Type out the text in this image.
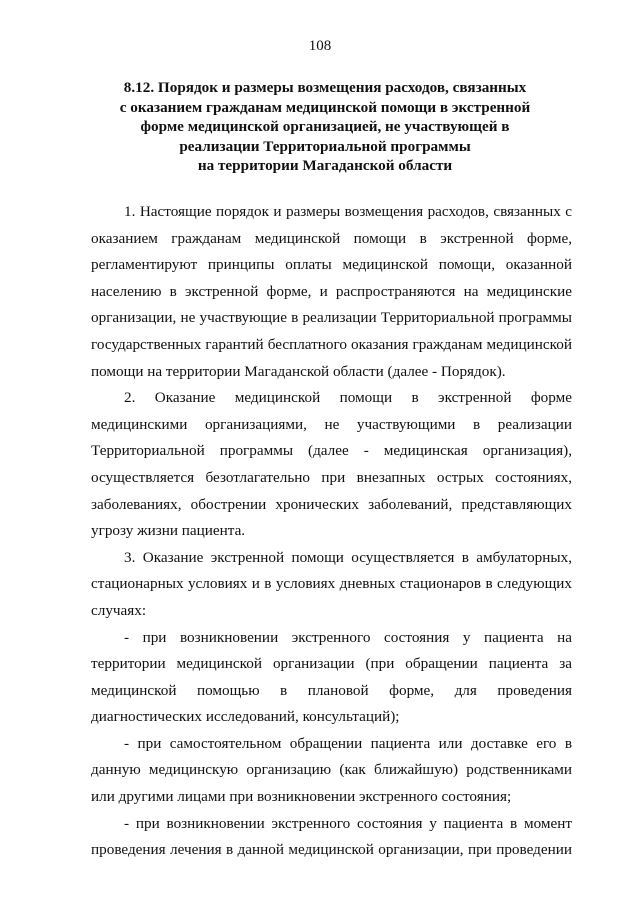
108

8.12. Порядок и размеры возмещения расходов, связанных
с оказанием гражданам медицинской помощи в экстренной
форме медицинской организацией, не участвующей в
реализации Территориальной программы
на территории Магаданской области

1. Настоящие порядок и размеры возмещения расходов, связанных с
оказанием гражданам медицинской помощи в экстренной форме,
регламентируют принципы оплаты медицинской помощи, оказанной
населению в экстренной форме, и распространяются на медицинские
организации, не участвующие в реализации Территориальной программы
государственных гарантий бесплатного оказания гражданам медицинской
помощи на территории Магаданской области (далее - Порядок).

2. Оказание медицинской помощи в экстренной форме
медицинскими организациями, не участвующими в реализации
Территориальной программы (далее - медицинская организация),
осуществляется безотлагательно при внезапных острых состояниях,
заболеваниях, обострении хронических заболеваний, представляющих
угрозу жизни пациента.

3. Оказание экстренной помощи осуществляется в амбулаторных,
стационарных условиях и в условиях дневных стационаров в следующих
случаях:

- при возникновении экстренного состояния у пациента на
территории медицинской организации (при обращении пациента за
медицинской помощью в плановой форме, для проведения
диагностических исследований, консультаций);

- при самостоятельном обращении пациента или доставке его в
данную медицинскую организацию (как ближайшую) родственниками
или другими лицами при возникновении экстренного состояния;

- при возникновении экстренного состояния у пациента в момент
проведения лечения в данной медицинской организации, при проведении
